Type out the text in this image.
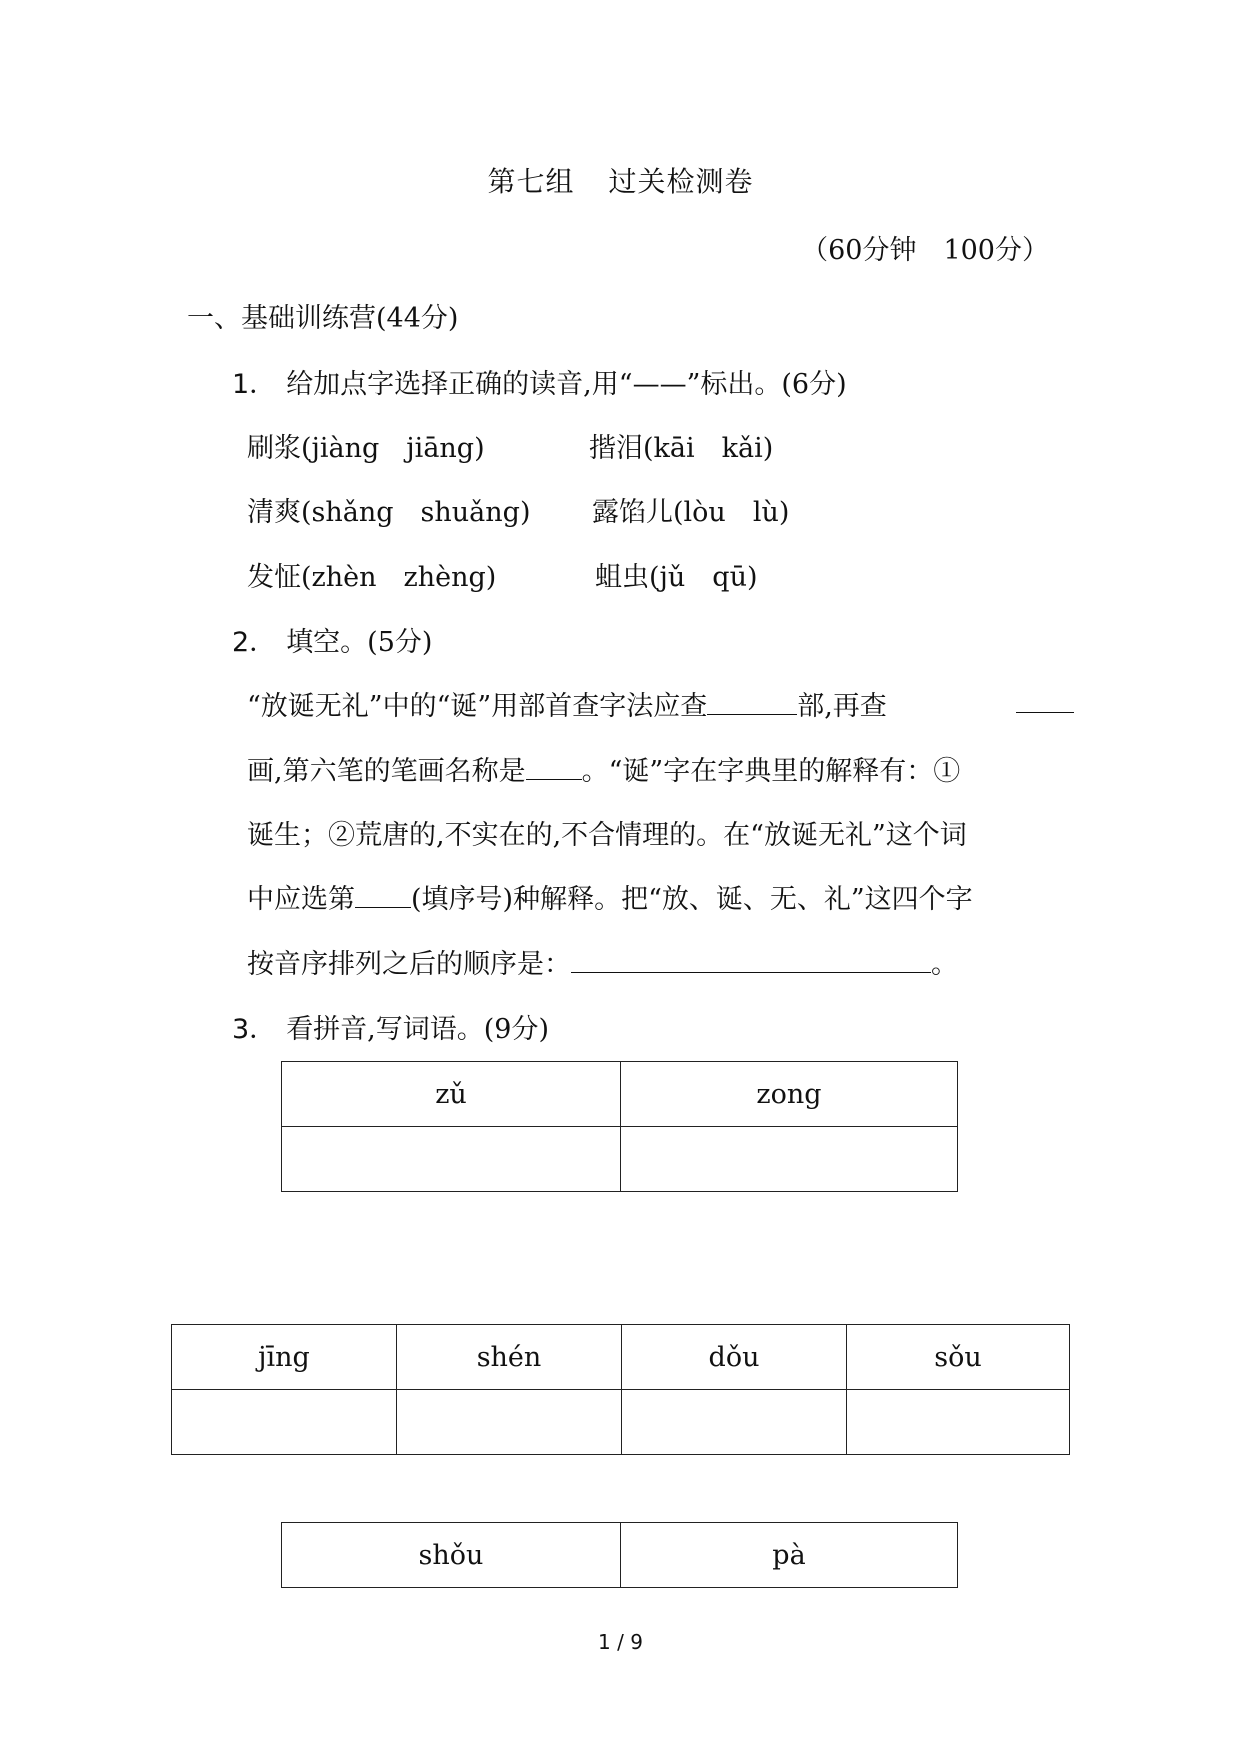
第七组 过关检测卷
（60分钟　100分）
一、基础训练营(44分)
1． 给加点字选择正确的读音,用“——”标出。(6分)
刷浆(jiàng　jiāng)	揩泪(kāi　kǎi)
清爽(shǎng　shuǎng) 露馅儿(lòu　lù)
发怔(zhèn　zhèng)	蛆虫(jǔ　qū)
2． 填空。(5分)
“放诞无礼”中的“诞”用部首查字法应查	部,再查
画,第六笔的笔画名称是 。“诞”字在字典里的解释有：①
诞生；②荒唐的,不实在的,不合情理的。在“放诞无礼”这个词
中应选第 (填序号)种解释。把“放、诞、无、礼”这四个字
按音序排列之后的顺序是：	。
3． 看拼音,写词语。(9分)
zǔ	zong

jīng	shén	dǒu	sǒu

shǒu	pà
1 / 9
